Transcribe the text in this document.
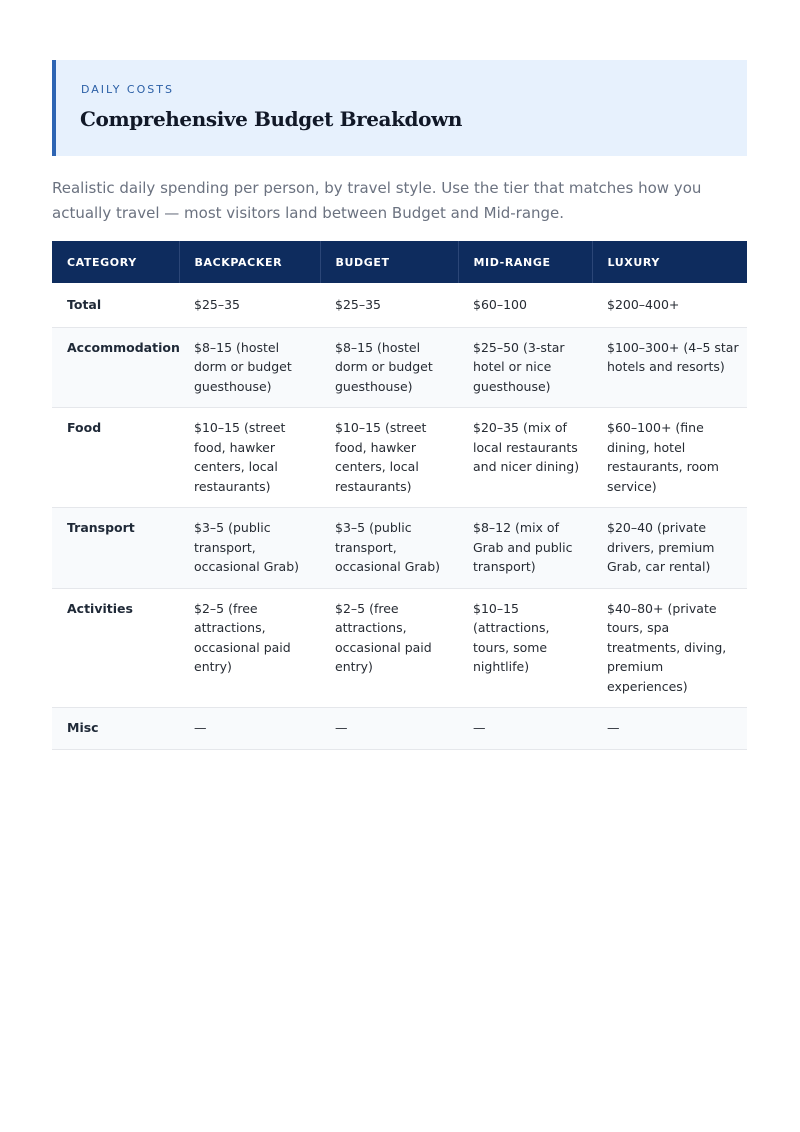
DAILY COSTS
Comprehensive Budget Breakdown
Realistic daily spending per person, by travel style. Use the tier that matches how you actually travel — most visitors land between Budget and Mid-range.
CATEGORY	BACKPACKER	BUDGET	MID-RANGE	LUXURY
Total	$25–35	$25–35	$60–100	$200–400+
Accommodation	$8–15 (hostel dorm or budget guesthouse)	$8–15 (hostel dorm or budget guesthouse)	$25–50 (3-star hotel or nice guesthouse)	$100–300+ (4–5 star hotels and resorts)
Food	$10–15 (street food, hawker centers, local restaurants)	$10–15 (street food, hawker centers, local restaurants)	$20–35 (mix of local restaurants and nicer dining)	$60–100+ (fine dining, hotel restaurants, room service)
Transport	$3–5 (public transport, occasional Grab)	$3–5 (public transport, occasional Grab)	$8–12 (mix of Grab and public transport)	$20–40 (private drivers, premium Grab, car rental)
Activities	$2–5 (free attractions, occasional paid entry)	$2–5 (free attractions, occasional paid entry)	$10–15 (attractions, tours, some nightlife)	$40–80+ (private tours, spa treatments, diving, premium experiences)
Misc	—	—	—	—
